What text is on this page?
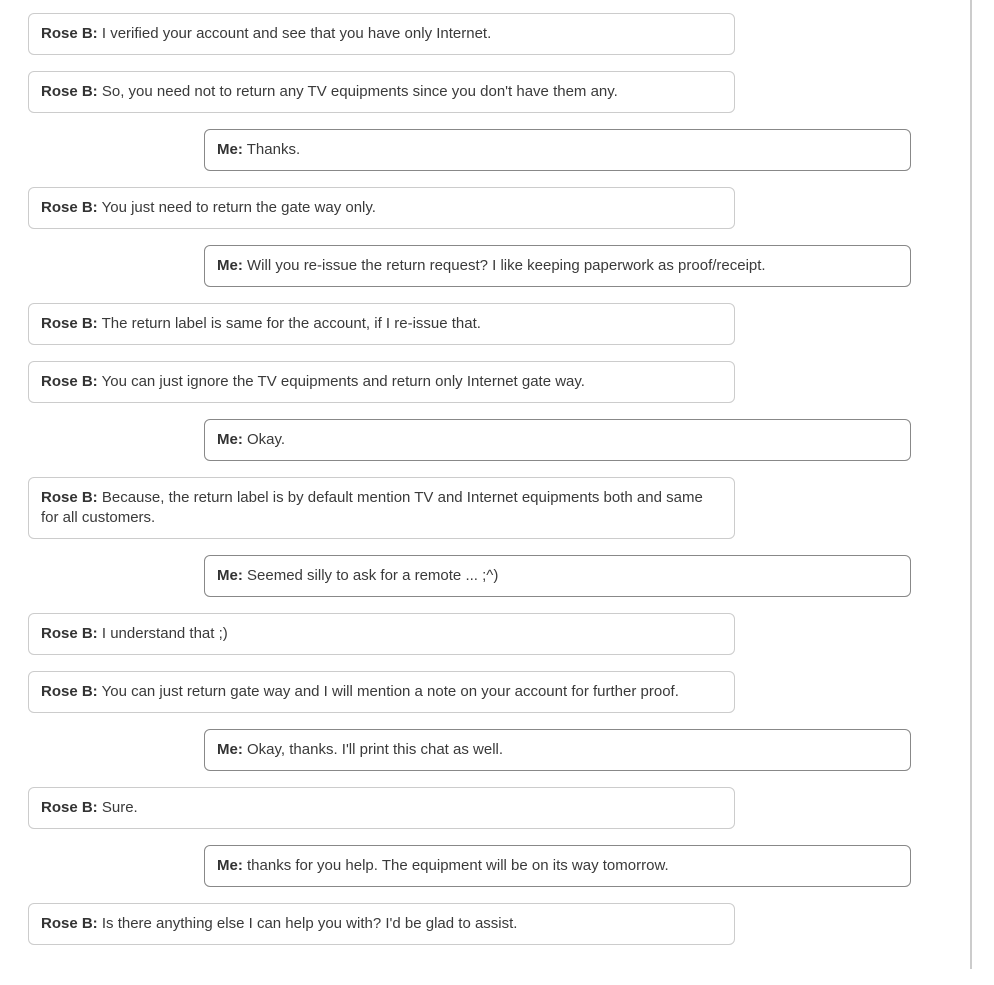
Rose B: I verified your account and see that you have only Internet.
Rose B: So, you need not to return any TV equipments since you don't have them any.
Me: Thanks.
Rose B: You just need to return the gate way only.
Me: Will you re-issue the return request? I like keeping paperwork as proof/receipt.
Rose B: The return label is same for the account, if I re-issue that.
Rose B: You can just ignore the TV equipments and return only Internet gate way.
Me: Okay.
Rose B: Because, the return label is by default mention TV and Internet equipments both and same for all customers.
Me: Seemed silly to ask for a remote ... ;^)
Rose B: I understand that ;)
Rose B: You can just return gate way and I will mention a note on your account for further proof.
Me: Okay, thanks. I'll print this chat as well.
Rose B: Sure.
Me: thanks for you help. The equipment will be on its way tomorrow.
Rose B: Is there anything else I can help you with? I'd be glad to assist.
